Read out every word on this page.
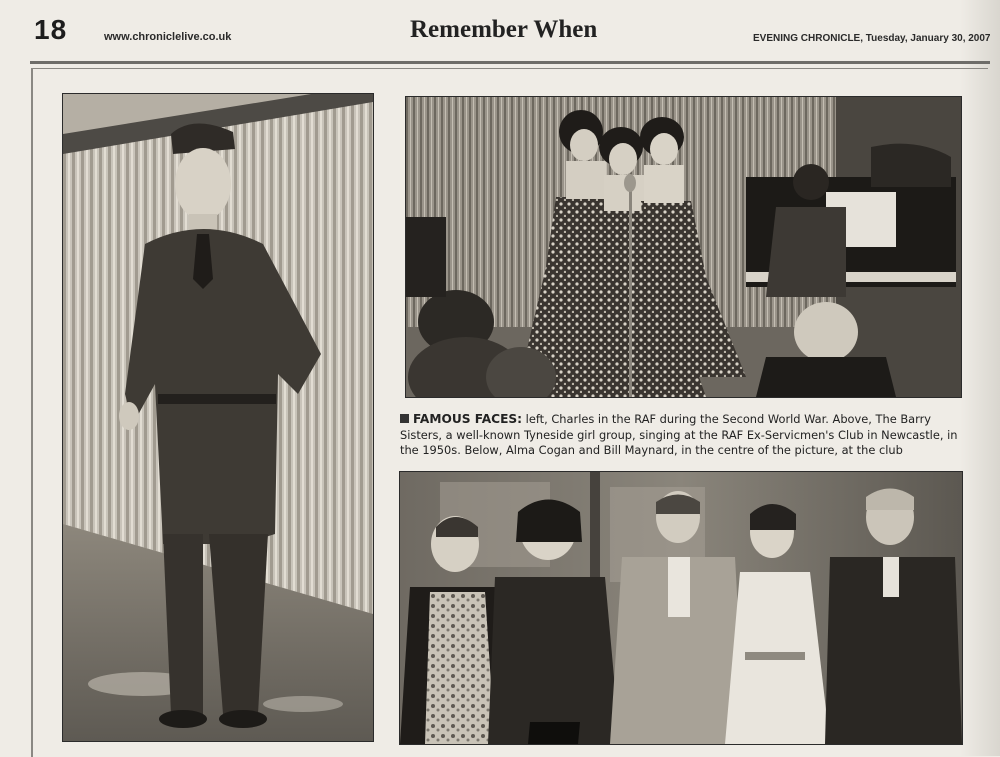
18	www.chroniclelive.co.uk	Remember When	EVENING CHRONICLE, Tuesday, January 30, 2007
FAMOUS FACES: left, Charles in the RAF during the Second World War. Above, The Barry Sisters, a well-known Tyneside girl group, singing at the RAF Ex-Servicmen's Club in Newcastle, in the 1950s. Below, Alma Cogan and Bill Maynard, in the centre of the picture, at the club
